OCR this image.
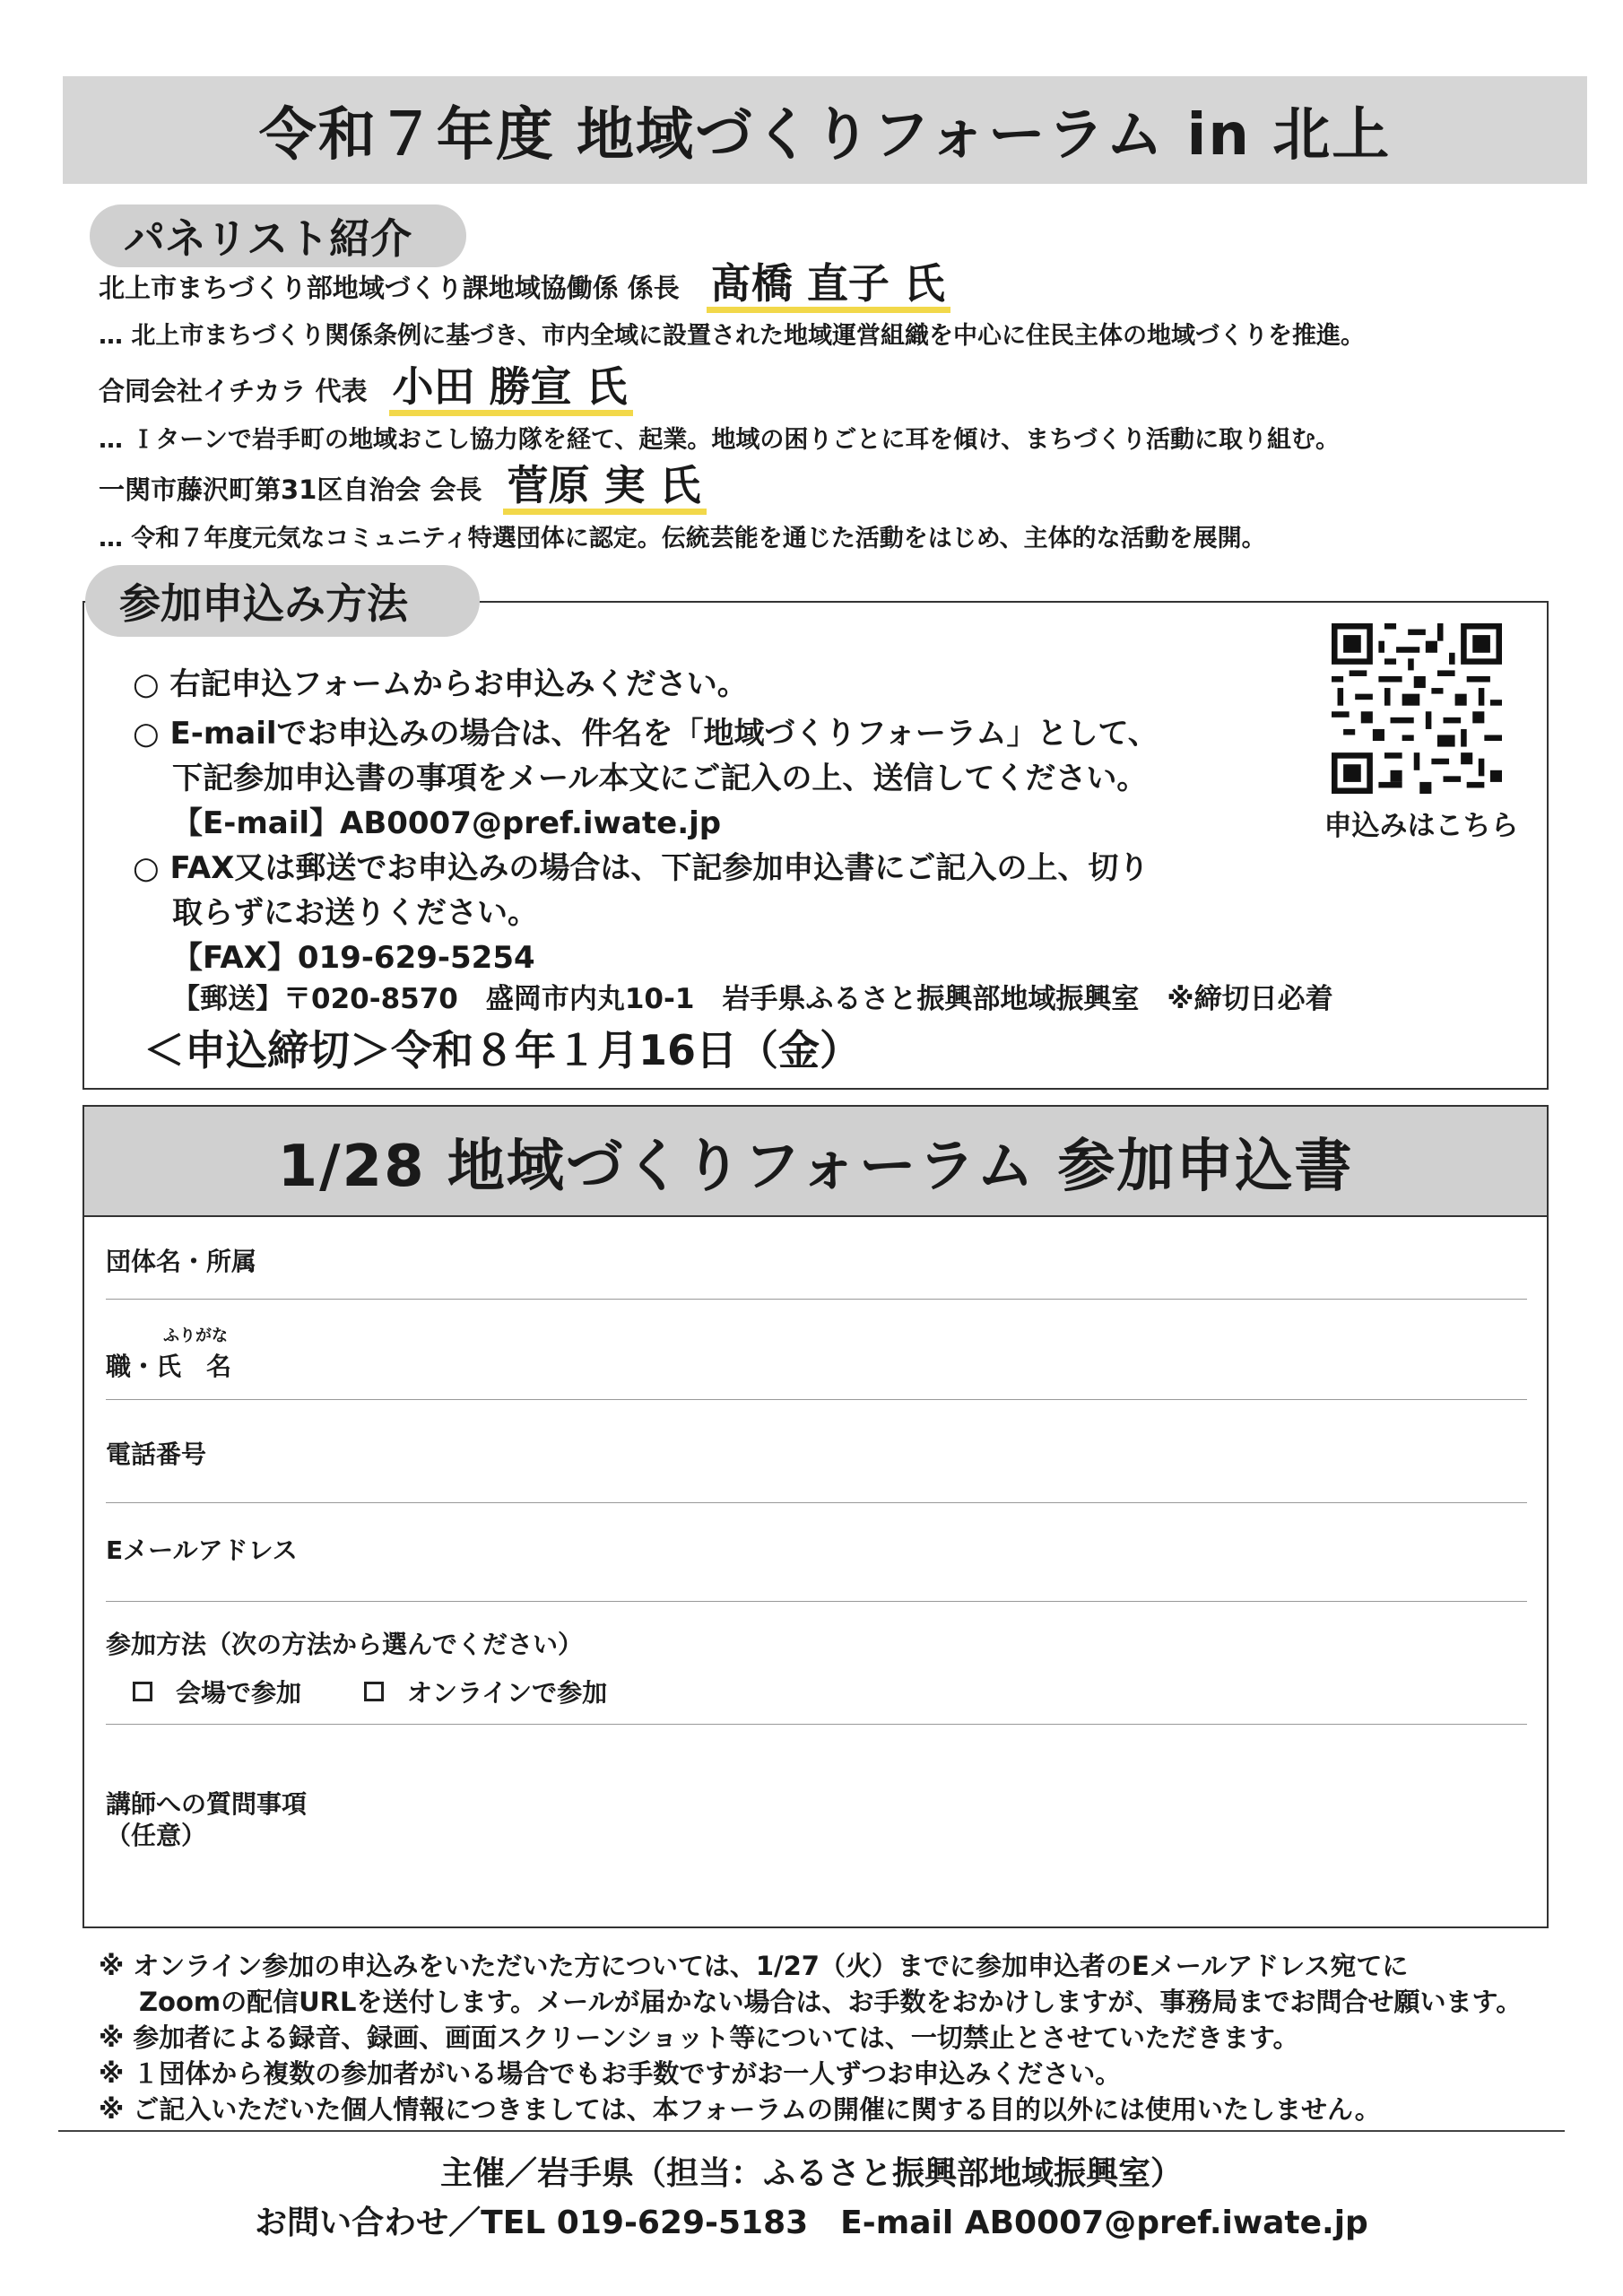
令和７年度 地域づくりフォーラム in 北上
パネリスト紹介
北上市まちづくり部地域づくり課地域協働係 係長 髙橋 直子 氏
… 北上市まちづくり関係条例に基づき、市内全域に設置された地域運営組織を中心に住民主体の地域づくりを推進。
合同会社イチカラ 代表 小田 勝宣 氏
… Ｉターンで岩手町の地域おこし協力隊を経て、起業。地域の困りごとに耳を傾け、まちづくり活動に取り組む。
一関市藤沢町第31区自治会 会長 菅原 実 氏
… 令和７年度元気なコミュニティ特選団体に認定。伝統芸能を通じた活動をはじめ、主体的な活動を展開。
参加申込み方法
○ 右記申込フォームからお申込みください。
○ E-mailでお申込みの場合は、件名を「地域づくりフォーラム」として、
下記参加申込書の事項をメール本文にご記入の上、送信してください。
【E-mail】AB0007@pref.iwate.jp
○ FAX又は郵送でお申込みの場合は、下記参加申込書にご記入の上、切り
取らずにお送りください。
【FAX】019-629-5254
【郵送】〒020-8570　盛岡市内丸10-1　岩手県ふるさと振興部地域振興室　※締切日必着
＜申込締切＞令和８年１月16日（金）
申込みはこちら
1/28 地域づくりフォーラム 参加申込書
団体名・所属
ふりがな
職・氏　名
電話番号
Eメールアドレス
参加方法（次の方法から選んでください）
会場で参加	オンラインで参加
講師への質問事項
（任意）
※ オンライン参加の申込みをいただいた方については、1/27（火）までに参加申込者のEメールアドレス宛てに
Zoomの配信URLを送付します。メールが届かない場合は、お手数をおかけしますが、事務局までお問合せ願います。
※ 参加者による録音、録画、画面スクリーンショット等については、一切禁止とさせていただきます。
※ １団体から複数の参加者がいる場合でもお手数ですがお一人ずつお申込みください。
※ ご記入いただいた個人情報につきましては、本フォーラムの開催に関する目的以外には使用いたしません。
主催／岩手県（担当：ふるさと振興部地域振興室）
お問い合わせ／TEL 019-629-5183　E-mail AB0007@pref.iwate.jp
